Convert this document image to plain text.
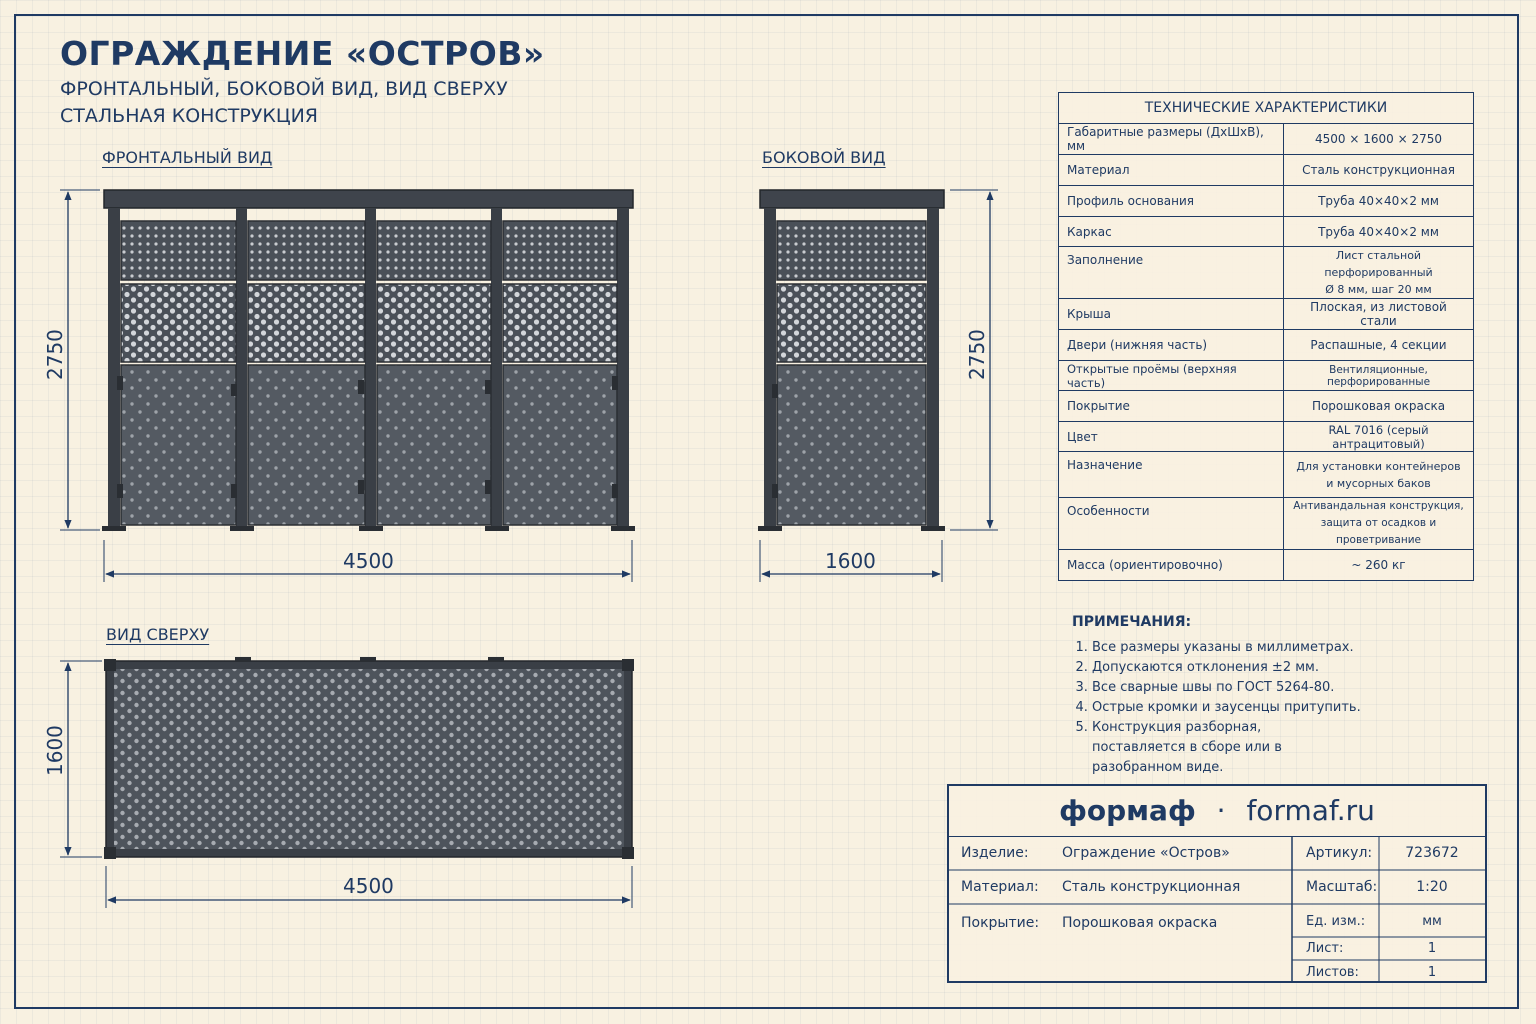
ОГРАЖДЕНИЕ «ОСТРОВ»
ФРОНТАЛЬНЫЙ, БОКОВОЙ ВИД, ВИД СВЕРХУ
СТАЛЬНАЯ КОНСТРУКЦИЯ
ФРОНТАЛЬНЫЙ ВИД	БОКОВОЙ ВИД
ВИД СВЕРХУ
4500
2750
1600
2750
4500
1600
ТЕХНИЧЕСКИЕ ХАРАКТЕРИСТИКИ	
Габаритные размеры (ДхШхВ), мм	4500 × 1600 × 2750
Материал	Сталь конструкционная
Профиль основания	Труба 40×40×2 мм
Каркас	Труба 40×40×2 мм
Заполнение	Лист стальной перфорированный
Ø 8 мм, шаг 20 мм

Крыша	Плоская, из листовой стали
Двери (нижняя часть)	Распашные, 4 секции
Открытые проёмы (верхняя часть)	Вентиляционные, перфорированные
Покрытие	Порошковая окраска
Цвет	RAL 7016 (серый антрацитовый)
Назначение	Для установки контейнеров
и мусорных баков

Особенности	Антивандальная конструкция,
защита от осадков и проветривание

Масса (ориентировочно)	~ 260 кг
ПРИМЕЧАНИЯ:
1. Все размеры указаны в миллиметрах.
2. Допускаются отклонения ±2 мм.
3. Все сварные швы по ГОСТ 5264-80.
4. Острые кромки и заусенцы притупить.
5. Конструкция разборная, поставляется в сборе или в разобранном виде.
формаф · formaf.ru
Изделие: Ограждение «Остров»
Материал: Сталь конструкционная
Покрытие: Порошковая окраска
Артикул:	723672
Масштаб:	1:20
Ед. изм.:	мм
Лист:	1
Листов:	1
